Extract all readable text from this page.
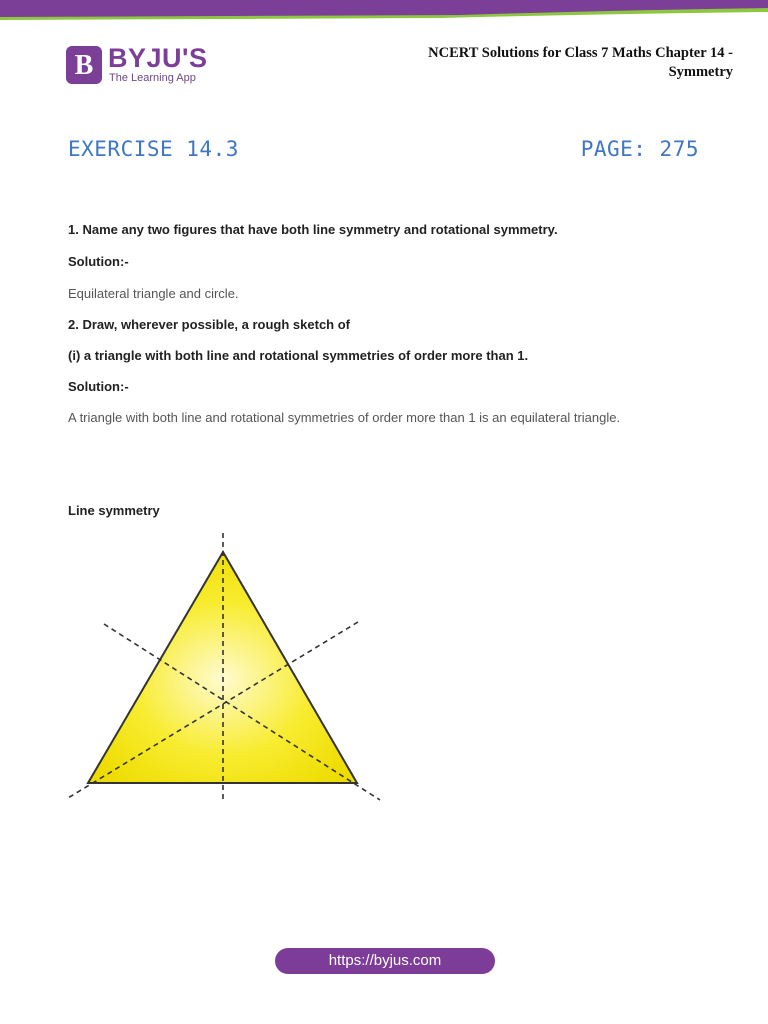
B BYJU'S
The Learning App
NCERT Solutions for Class 7 Maths Chapter 14 -
Symmetry
EXERCISE 14.3	PAGE: 275
1. Name any two figures that have both line symmetry and rotational symmetry.
Solution:-
Equilateral triangle and circle.
2. Draw, wherever possible, a rough sketch of
(i) a triangle with both line and rotational symmetries of order more than 1.
Solution:-
A triangle with both line and rotational symmetries of order more than 1 is an equilateral triangle.
Line symmetry
https://byjus.com
